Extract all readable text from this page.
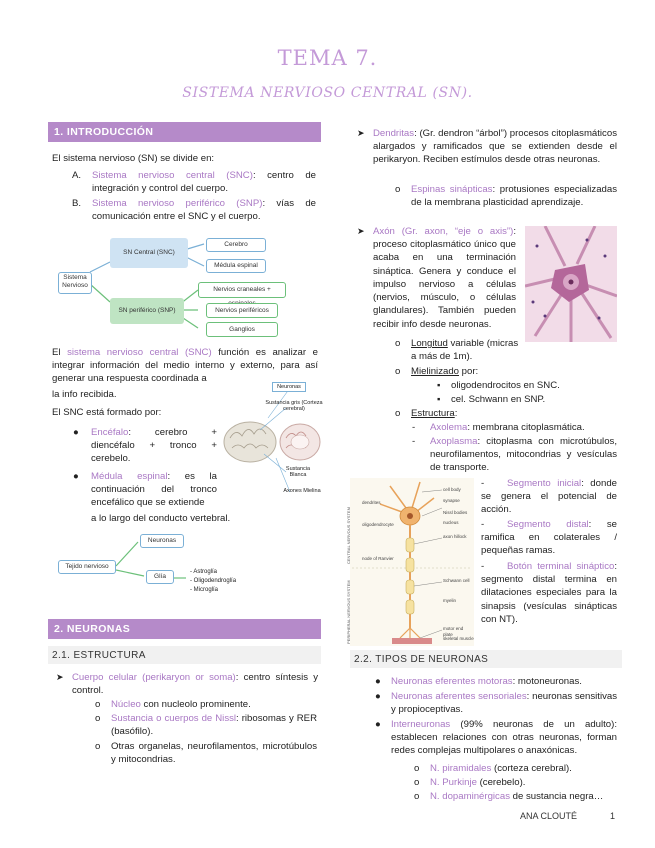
TEMA 7.
SISTEMA NERVIOSO CENTRAL (SN).
1. INTRODUCCIÓN
El sistema nervioso (SN) se divide en:
A. Sistema nervioso central (SNC): centro de integración y control del cuerpo.
B. Sistema nervioso periférico (SNP): vías de comunicación entre el SNC y el cuerpo.
Sistema Nervioso
SN Central (SNC)
Cerebro
Médula espinal
SN periférico (SNP)
Nervios craneales +
Nervios periféricos
Ganglios
El sistema nervioso central (SNC) función es analizar e integrar información del medio interno y externo, para así generar una respuesta coordinada a
la info recibida.
El SNC está formado por:
● Encéfalo: cerebro + diencéfalo + tronco + cerebelo.
● Médula espinal: es la continuación del tronco encefálico que se extiende
a lo largo del conducto vertebral.
Neuronas
Sustancia gris (Corteza cerebral)
Sustancia Blanca
Axones Mielina
Tejido nervioso
Neuronas
Glía
- Astroglía
- Oligodendroglía
- Microglía
2. NEURONAS
2.1. ESTRUCTURA
Cuerpo celular (perikaryon or soma): centro síntesis y control.
o Núcleo con nucleolo prominente.
o Sustancia o cuerpos de Nissl: ribosomas y RER (basófilo).
o Otras organelas, neurofilamentos, microtúbulos y mitocondrias.
Dendritas: (Gr. dendron “árbol”) procesos citoplasmáticos alargados y ramificados que se extienden desde el perikaryon. Reciben estímulos desde otras neuronas.
o Espinas sinápticas: protusiones especializadas de la membrana plasticidad aprendizaje.
Axón (Gr. axon, “eje o axis”): proceso citoplasmático único que acaba en una terminación sináptica. Genera y conduce el impulso nervioso a células (nervios, músculo, o células glandulares). También pueden recibir info desde neuronas.
o Longitud variable (micras a más de 1m).
o Mielinizado por:
▪ oligodendrocitos en SNC.
▪ cel. Schwann en SNP.
o Estructura:
- Axolema: membrana citoplasmática.
- Axoplasma: citoplasma con microtúbulos, neurofilamentos, mitocondrias y vesículas de transporte.
CENTRAL NERVOUS SYSTEM
PERIPHERAL NERVOUS SYSTEM
dendrites
cell body
synapse
oligodendrocyte
Nissl bodies
nucleus
axon hillock
node of Ranvier
Schwann cell
myelin
motor end plate
skeletal muscle
- Segmento inicial: donde se genera el potencial de acción.
- Segmento distal: se ramifica en colaterales / pequeñas ramas.
- Botón terminal sináptico: segmento distal termina en dilataciones especiales para la sinapsis (vesículas sinápticas con NT).
2.2. TIPOS DE NEURONAS
● Neuronas eferentes motoras: motoneuronas.
● Neuronas aferentes sensoriales: neuronas sensitivas y propioceptivas.
● Interneuronas (99% neuronas de un adulto): establecen relaciones con otras neuronas, forman redes complejas multipolares o anaxónicas.
o N. piramidales (corteza cerebral).
o N. Purkinje (cerebelo).
o N. dopaminérgicas de sustancia negra…
ANA CLOUTÉ	1
